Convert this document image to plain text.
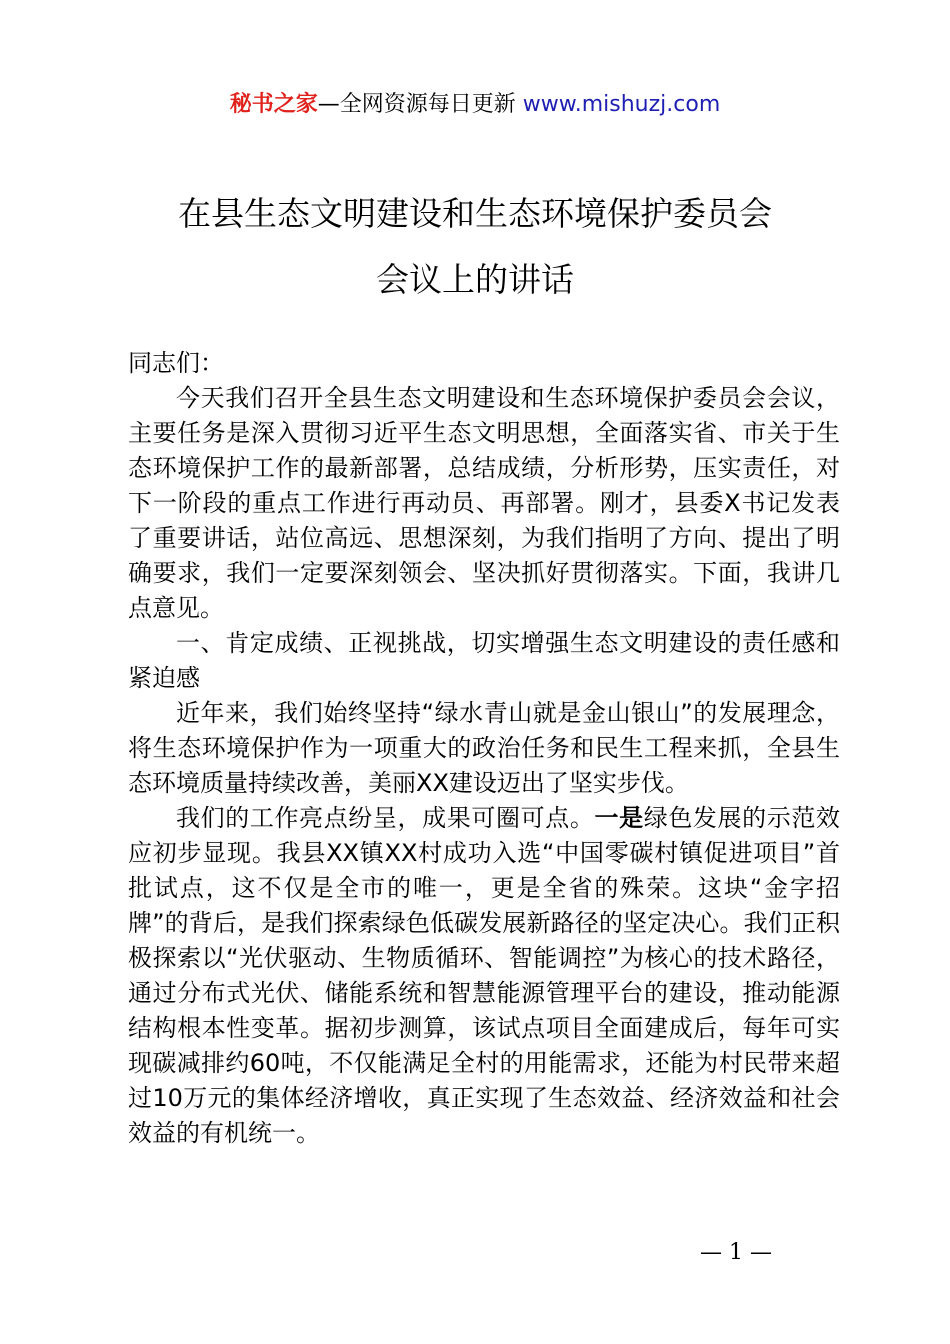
秘书之家—全网资源每日更新 www.mishuzj.com
在县生态文明建设和生态环境保护委员会
会议上的讲话

同志们：

今天我们召开全县生态文明建设和生态环境保护委员会会议，主要任务是深入贯彻习近平生态文明思想，全面落实省、市关于生态环境保护工作的最新部署，总结成绩，分析形势，压实责任，对下一阶段的重点工作进行再动员、再部署。刚才，县委X书记发表了重要讲话，站位高远、思想深刻，为我们指明了方向、提出了明确要求，我们一定要深刻领会、坚决抓好贯彻落实。下面，我讲几点意见。

一、肯定成绩、正视挑战，切实增强生态文明建设的责任感和紧迫感

近年来，我们始终坚持“绿水青山就是金山银山”的发展理念，将生态环境保护作为一项重大的政治任务和民生工程来抓，全县生态环境质量持续改善，美丽XX建设迈出了坚实步伐。

我们的工作亮点纷呈，成果可圈可点。一是绿色发展的示范效应初步显现。我县XX镇XX村成功入选“中国零碳村镇促进项目”首批试点，这不仅是全市的唯一，更是全省的殊荣。这块“金字招牌”的背后，是我们探索绿色低碳发展新路径的坚定决心。我们正积极探索以“光伏驱动、生物质循环、智能调控”为核心的技术路径，通过分布式光伏、储能系统和智慧能源管理平台的建设，推动能源结构根本性变革。据初步测算，该试点项目全面建成后，每年可实现碳减排约60吨，不仅能满足全村的用能需求，还能为村民带来超过10万元的集体经济增收，真正实现了生态效益、经济效益和社会效益的有机统一。

— 1 —
